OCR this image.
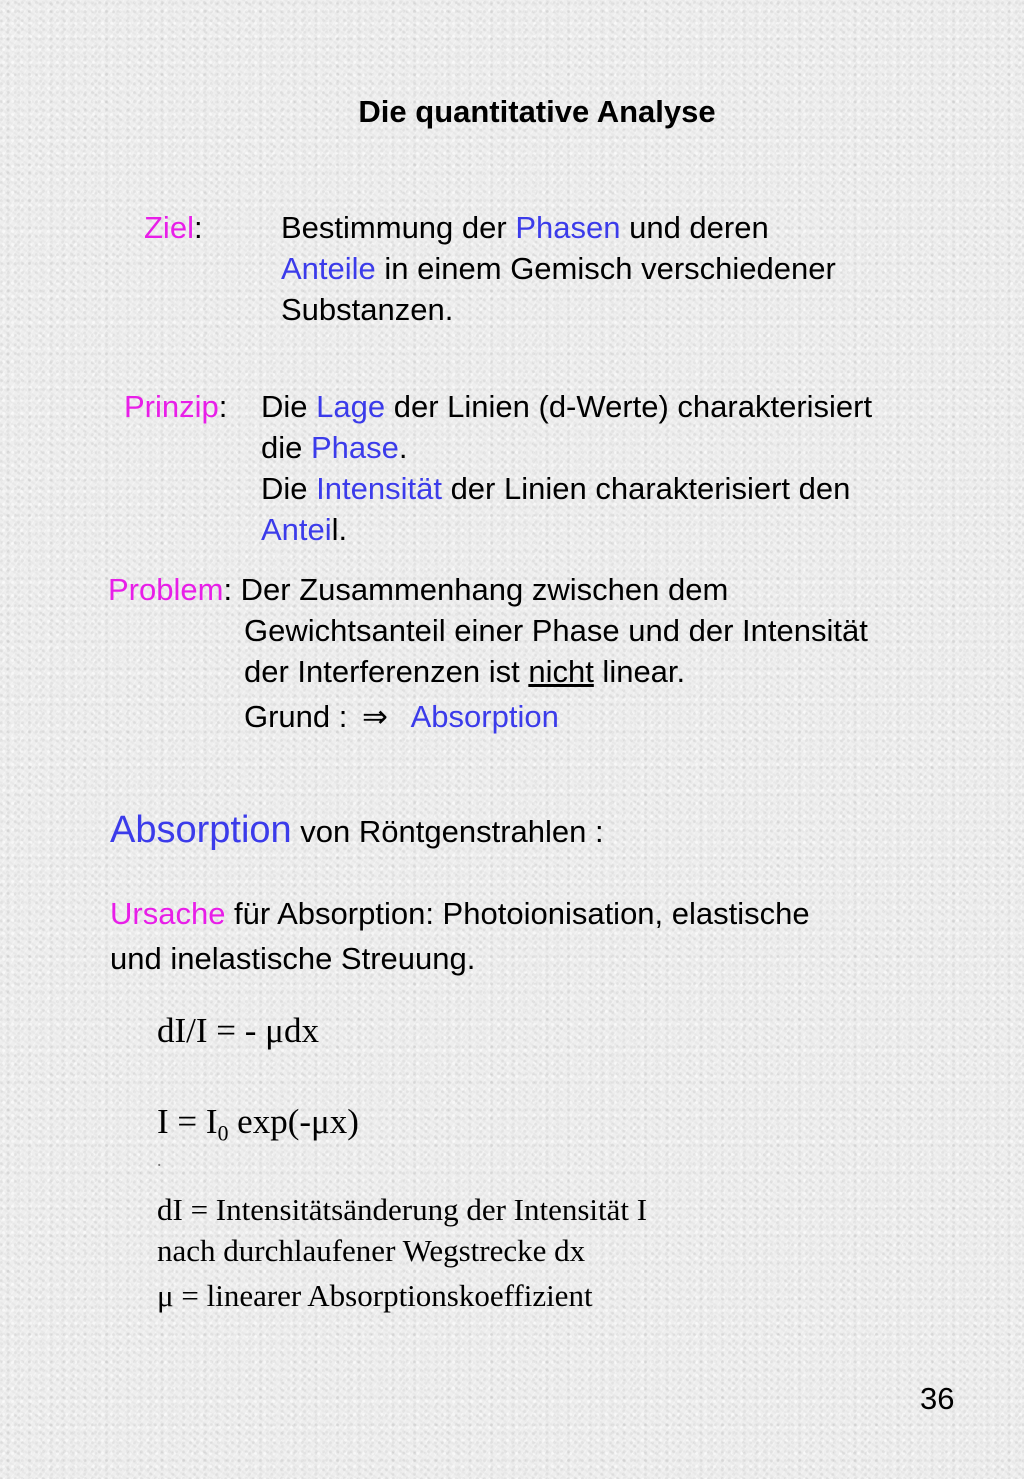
Die quantitative Analyse
Ziel:	Bestimmung der Phasen und deren
Anteile in einem Gemisch verschiedener
Substanzen.
Prinzip: Die Lage der Linien (d-Werte) charakterisiert
die Phase.
Die Intensität der Linien charakterisiert den
Anteil.
Problem: Der Zusammenhang zwischen dem
Gewichtsanteil einer Phase und der Intensität
der Interferenzen ist nicht linear.
Grund : ⇒ Absorption
Absorption von Röntgenstrahlen :
Ursache für Absorption: Photoionisation, elastische
und inelastische Streuung.
dI/I = - μdx
$I = I_0$ exp(-μx)
.
dI = Intensitätsänderung der Intensität I
nach durchlaufener Wegstrecke dx
μ = linearer Absorptionskoeffizient
36
